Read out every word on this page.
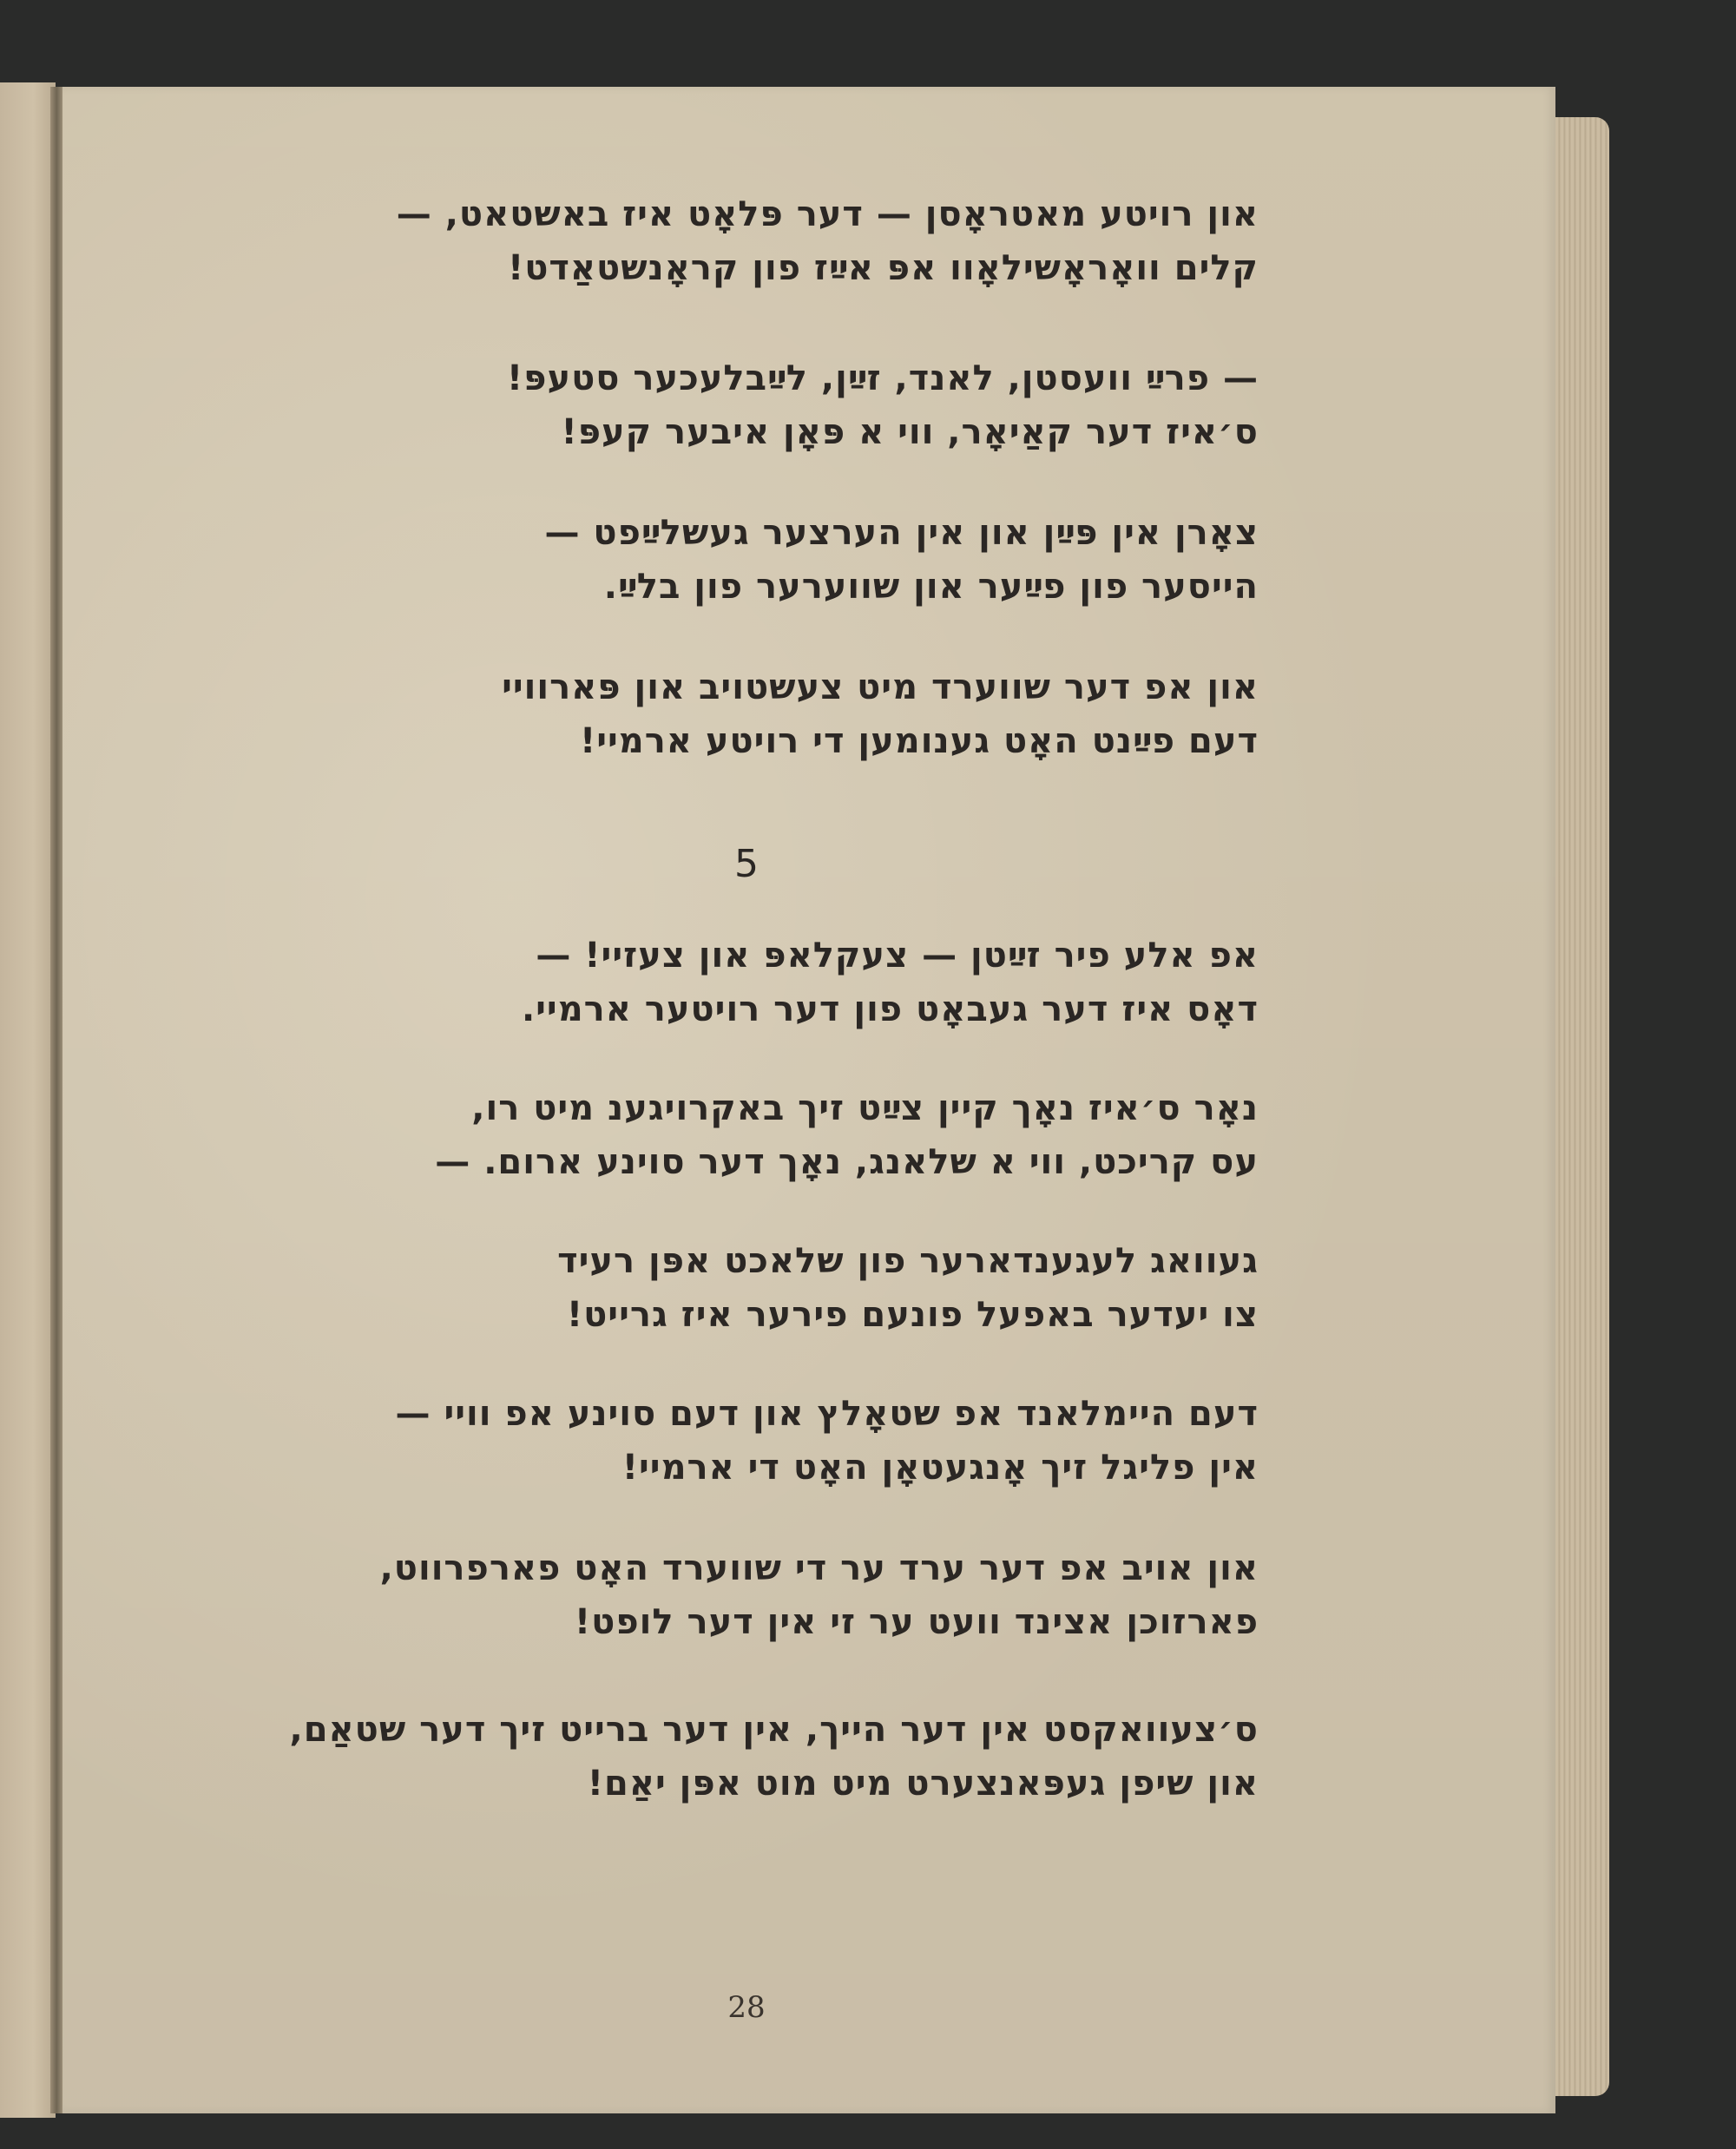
און רויטע מאטראָסן — דער פּלאָט איז באשטאט, —
קלים וואָראָשילאָוו אפּ אײַז פון קראָנשטאַדט!
— פרײַ וועסטן, לאנד, זײַן, לײַבלעכער סטעפּ!
ס׳איז דער קאַיאָר, ווי א פּאָן איבער קעפּ!
צאָרן אין פּײַן און אין הערצער געשלײַפט —
הייסער פון פײַער און שווערער פון בלײַ.
און אפ דער שווערד מיט צעשטויב און פּארוויי
דעם פײַנט האָט גענומען די רויטע ארמיי!
אפ אלע פיר זײַטן — צעקלאפּ און צעזיי! —
דאָס איז דער געבאָט פון דער רויטער ארמיי.
נאָר ס׳איז נאָך קיין צײַט זיך באקרויגענ מיט רו,
עס קריכט, ווי א שלאנג, נאָך דער סוינע ארום. —
געוואג לעגענדארער פון שלאכט אפּן רעיד
צו יעדער באפעל פונעם פירער איז גרייט!
דעם היימלאנד אפ שטאָלץ און דעם סוינע אפ וויי —
אין פליגל זיך אָנגעטאָן האָט די ארמיי!
און אויב אפ דער ערד ער די שווערד האָט פארפרווט,
פארזוכן אצינד וועט ער זי אין דער לופט!
ס׳צעוואקסט אין דער הייך, אין דער ברייט זיך דער שטאַם,
און שיפן געפּאנצערט מיט מוט אפּן יאַם!
5
28
